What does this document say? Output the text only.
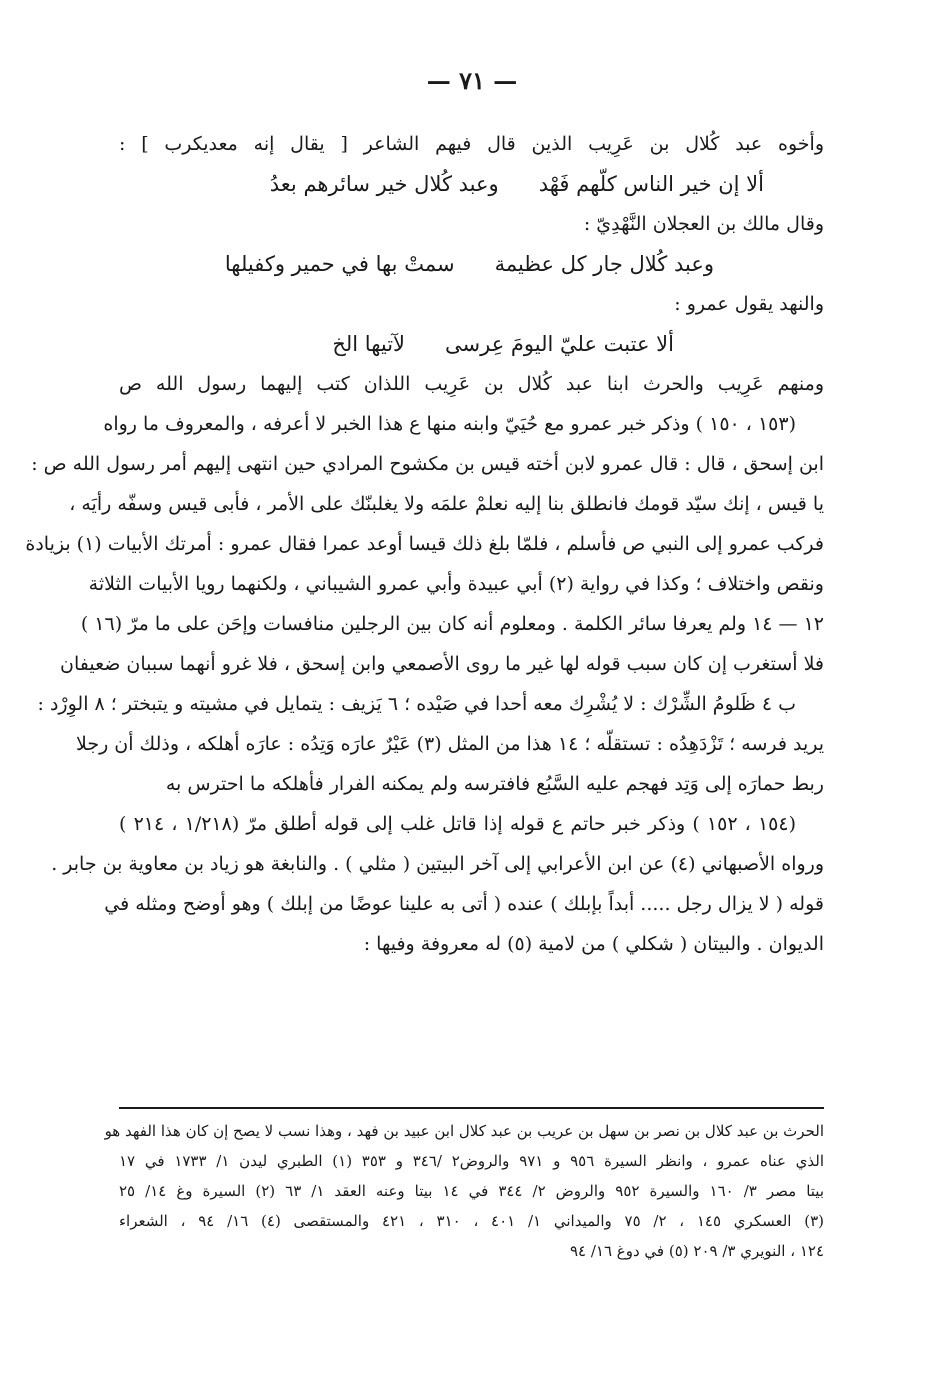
— ٧١ —
وأخوه عبد كُلال بن عَرِيب الذين قال فيهم الشاعر [ يقال إنه معديكرب ] :
ألا إن خير الناس كلّهم فَهْدوعبد كُلال خير سائرهم بعدُ
وقال مالك بن العجلان النَّهْدِيّ :
وعبد كُلال جار كل عظيمةسمتْ بها في حمير وكفيلها
والنهد يقول عمرو :
ألا عتبت عليّ اليومَ عِرسىلآتيها الخ
ومنهم عَرِيب والحرث ابنا عبد كُلال بن عَرِيب اللذان كتب إليهما رسول الله ص
(١٥٣ ، ١٥٠ ) وذكر خبر عمرو مع حُيَيّ وابنه منها ع هذا الخبر لا أعرفه ، والمعروف ما رواه
ابن إسحق ، قال : قال عمرو لابن أخته قيس بن مكشوح المرادي حين انتهى إليهم أمر رسول الله ص :
يا قيس ، إنك سيّد قومك فانطلق بنا إليه نعلمْ علمَه ولا يغلبنّك على الأمر ، فأبى قيس وسفّه رأيَه ،
فركب عمرو إلى النبي ص فأسلم ، فلمّا بلغ ذلك قيسا أوعد عمرا فقال عمرو : أمرتك الأبيات (١) بزيادة
ونقص واختلاف ؛ وكذا في رواية (٢) أبي عبيدة وأبي عمرو الشيباني ، ولكنهما رويا الأبيات الثلاثة
١٢ — ١٤ ولم يعرفا سائر الكلمة . ومعلوم أنه كان بين الرجلين منافسات وإحَن على ما مرّ (١٦ )
فلا أستغرب إن كان سبب قوله لها غير ما روى الأصمعي وابن إسحق ، فلا غرو أنهما سببان ضعيفان
ب ٤ ظَلومُ الشِّرْك : لا يُشْرِك معه أحدا في صَيْده ؛ ٦ يَزيف : يتمايل في مشيته و يتبختر ؛ ٨ الوِرْد :
يريد فرسه ؛ تَزْدَهِدُه : تستقلّه ؛ ١٤ هذا من المثل (٣) عَيْرٌ عارَه وَتِدُه : عارَه أهلكه ، وذلك أن رجلا
ربط حمارَه إلى وَتِد فهجم عليه السَّبُع فافترسه ولم يمكنه الفرار فأهلكه ما احترس به
(١٥٤ ، ١٥٢ ) وذكر خبر حاتم ع قوله إذا قاتل غلب إلى قوله أطلق مرّ (١/٢١٨ ، ٢١٤ )
ورواه الأصبهاني (٤) عن ابن الأعرابي إلى آخر البيتين ( مثلي ) . والنابغة هو زياد بن معاوية بن جابر .
قوله ( لا يزال رجل ..... أبداً بإبلك ) عنده ( أتى به علينا عوضًا من إبلك ) وهو أوضح ومثله في
الديوان . والبيتان ( شكلي ) من لامية (٥) له معروفة وفيها :
الحرث بن عبد كلال بن نصر بن سهل بن عريب بن عبد كلال ابن عبيد بن فهد ، وهذا نسب لا يصح إن كان هذا الفهد هو
الذي عناه عمرو ، وانظر السيرة ٩٥٦ و ٩٧١ والروض٢ /٣٤٦ و ٣٥٣ (١) الطبري ليدن ١/ ١٧٣٣ في ١٧
بيتا مصر ٣/ ١٦٠ والسيرة ٩٥٢ والروض ٢/ ٣٤٤ في ١٤ بيتا وعنه العقد ١/ ٦٣ (٢) السيرة وغ ١٤/ ٢٥
(٣) العسكري ١٤٥ ، ٢/ ٧٥ والميداني ١/ ٤٠١ ، ٣١٠ ، ٤٢١ والمستقصى (٤) ١٦/ ٩٤ ، الشعراء
١٢٤ ، النويري ٣/ ٢٠٩ (٥) في دوغ ١٦/ ٩٤
